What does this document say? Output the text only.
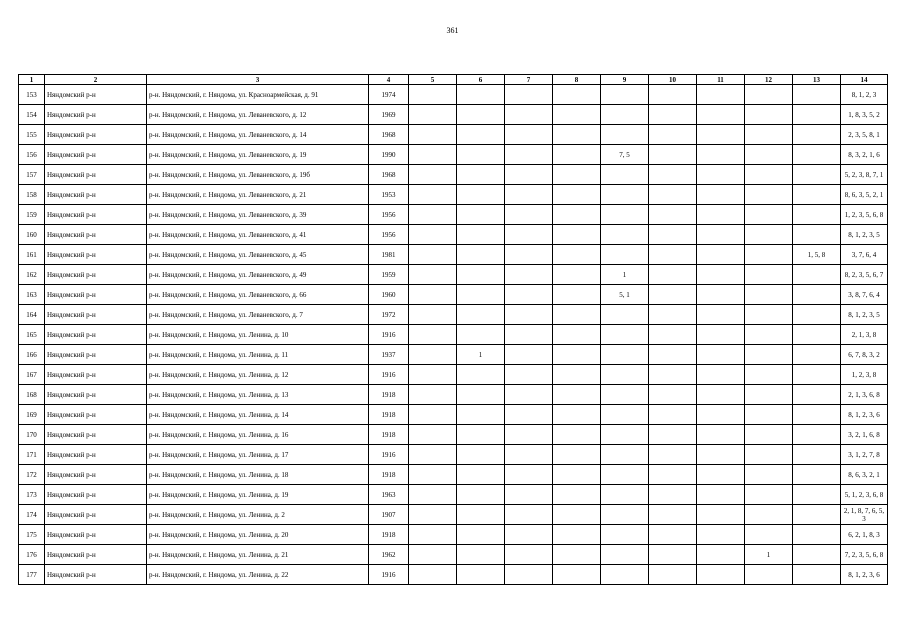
361
1	2	3	4	5	6	7	8	9	10	11	12	13	14
153	Няндомский р-н	р-н. Няндомский, г. Няндома, ул. Красноармейская, д. 91	1974										8, 1, 2, 3
154	Няндомский р-н	р-н. Няндомский, г. Няндома, ул. Леваневского, д. 12	1969										1, 8, 3, 5, 2
155	Няндомский р-н	р-н. Няндомский, г. Няндома, ул. Леваневского, д. 14	1968										2, 3, 5, 8, 1
156	Няндомский р-н	р-н. Няндомский, г. Няндома, ул. Леваневского, д. 19	1990					7, 5					8, 3, 2, 1, 6
157	Няндомский р-н	р-н. Няндомский, г. Няндома, ул. Леваневского, д. 19б	1968										5, 2, 3, 8, 7, 1
158	Няндомский р-н	р-н. Няндомский, г. Няндома, ул. Леваневского, д. 21	1953										8, 6, 3, 5, 2, 1
159	Няндомский р-н	р-н. Няндомский, г. Няндома, ул. Леваневского, д. 39	1956										1, 2, 3, 5, 6, 8
160	Няндомский р-н	р-н. Няндомский, г. Няндома, ул. Леваневского, д. 41	1956										8, 1, 2, 3, 5
161	Няндомский р-н	р-н. Няндомский, г. Няндома, ул. Леваневского, д. 45	1981									1, 5, 8	3, 7, 6, 4
162	Няндомский р-н	р-н. Няндомский, г. Няндома, ул. Леваневского, д. 49	1959					1					8, 2, 3, 5, 6, 7
163	Няндомский р-н	р-н. Няндомский, г. Няндома, ул. Леваневского, д. 66	1960					5, 1					3, 8, 7, 6, 4
164	Няндомский р-н	р-н. Няндомский, г. Няндома, ул. Леваневского, д. 7	1972										8, 1, 2, 3, 5
165	Няндомский р-н	р-н. Няндомский, г. Няндома, ул. Ленина, д. 10	1916										2, 1, 3, 8
166	Няндомский р-н	р-н. Няндомский, г. Няндома, ул. Ленина, д. 11	1937		1								6, 7, 8, 3, 2
167	Няндомский р-н	р-н. Няндомский, г. Няндома, ул. Ленина, д. 12	1916										1, 2, 3, 8
168	Няндомский р-н	р-н. Няндомский, г. Няндома, ул. Ленина, д. 13	1918										2, 1, 3, 6, 8
169	Няндомский р-н	р-н. Няндомский, г. Няндома, ул. Ленина, д. 14	1918										8, 1, 2, 3, 6
170	Няндомский р-н	р-н. Няндомский, г. Няндома, ул. Ленина, д. 16	1918										3, 2, 1, 6, 8
171	Няндомский р-н	р-н. Няндомский, г. Няндома, ул. Ленина, д. 17	1916										3, 1, 2, 7, 8
172	Няндомский р-н	р-н. Няндомский, г. Няндома, ул. Ленина, д. 18	1918										8, 6, 3, 2, 1
173	Няндомский р-н	р-н. Няндомский, г. Няндома, ул. Ленина, д. 19	1963										5, 1, 2, 3, 6, 8
174	Няндомский р-н	р-н. Няндомский, г. Няндома, ул. Ленина, д. 2	1907										2, 1, 8, 7, 6, 5, 3
175	Няндомский р-н	р-н. Няндомский, г. Няндома, ул. Ленина, д. 20	1918										6, 2, 1, 8, 3
176	Няндомский р-н	р-н. Няндомский, г. Няндома, ул. Ленина, д. 21	1962								1		7, 2, 3, 5, 6, 8
177	Няндомский р-н	р-н. Няндомский, г. Няндома, ул. Ленина, д. 22	1916										8, 1, 2, 3, 6
